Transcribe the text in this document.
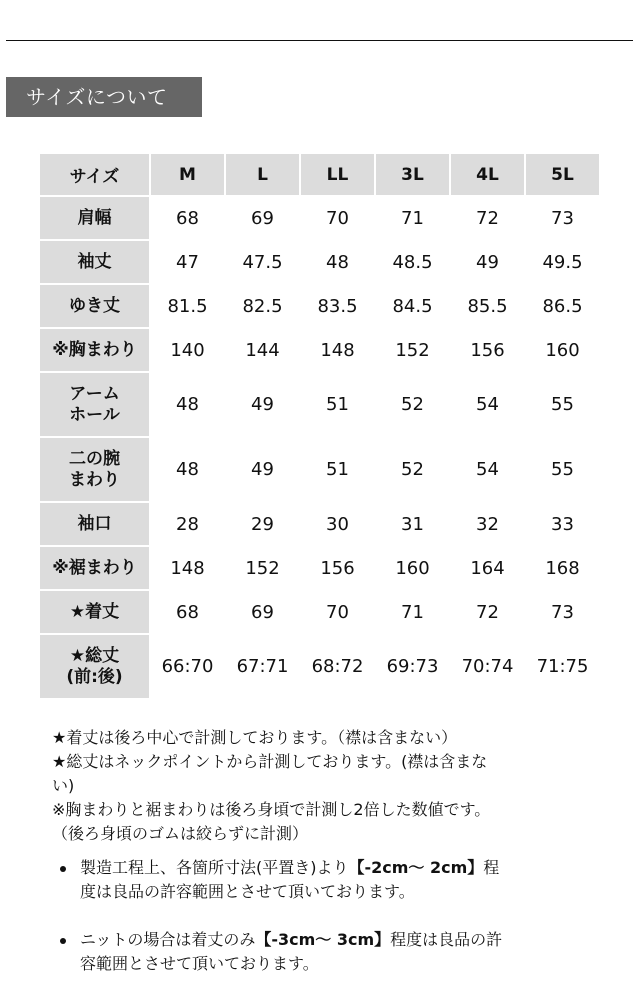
サイズについて
サイズ	M	L	LL	3L	4L	5L
肩幅	68	69	70	71	72	73
袖丈	47	47.5	48	48.5	49	49.5
ゆき丈	81.5	82.5	83.5	84.5	85.5	86.5
※胸まわり	140	144	148	152	156	160
アーム
ホール	48	49	51	52	54	55
二の腕
まわり	48	49	51	52	54	55
袖口	28	29	30	31	32	33
※裾まわり	148	152	156	160	164	168
★着丈	68	69	70	71	72	73
★総丈
(前:後)	66:70	67:71	68:72	69:73	70:74	71:75

★着丈は後ろ中心で計測しております。（襟は含まない）

★総丈はネックポイントから計測しております。(襟は含まな

い)

※胸まわりと裾まわりは後ろ身頃で計測し2倍した数値です。

（後ろ身頃のゴムは絞らずに計測）

製造工程上、各箇所寸法(平置き)より【-2cm〜 2cm】程
度は良品の許容範囲とさせて頂いております。
ニットの場合は着丈のみ【-3cm〜 3cm】程度は良品の許
容範囲とさせて頂いております。
